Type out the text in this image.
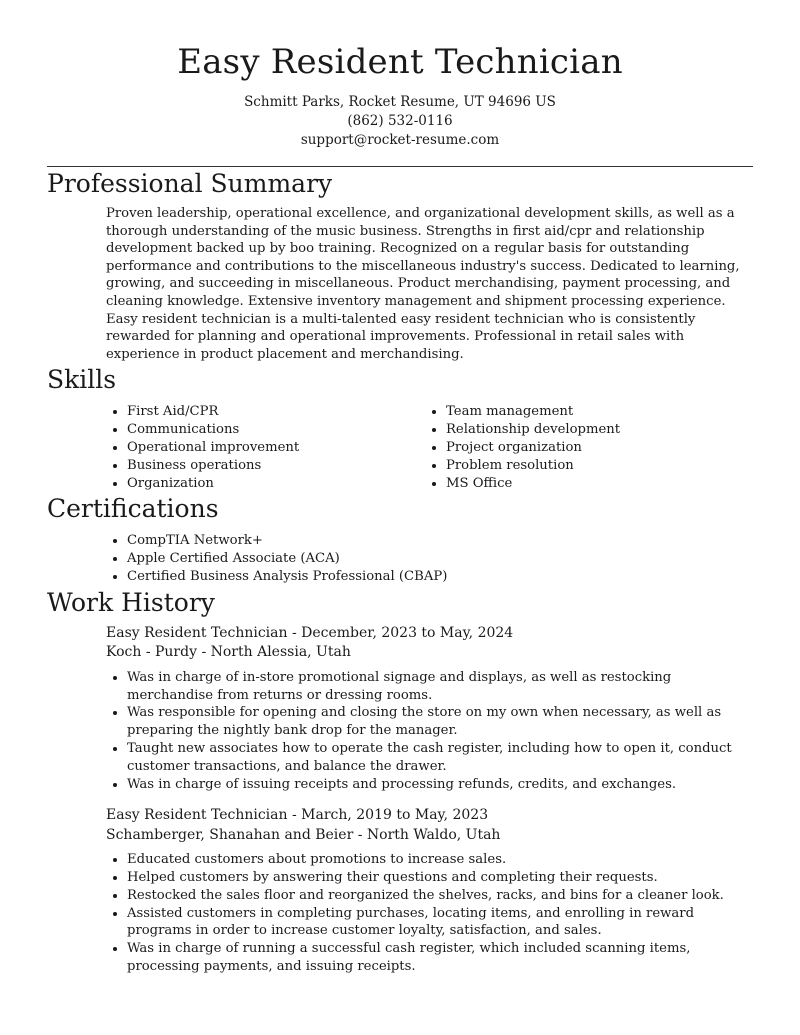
Easy Resident Technician
Schmitt Parks, Rocket Resume, UT 94696 US
(862) 532-0116
support@rocket-resume.com
Professional Summary

Proven leadership, operational excellence, and organizational development skills, as well as a thorough understanding of the music business. Strengths in first aid/cpr and relationship development backed up by boo training. Recognized on a regular basis for outstanding performance and contributions to the miscellaneous industry's success. Dedicated to learning, growing, and succeeding in miscellaneous. Product merchandising, payment processing, and cleaning knowledge. Extensive inventory management and shipment processing experience. Easy resident technician is a multi-talented easy resident technician who is consistently rewarded for planning and operational improvements. Professional in retail sales with experience in product placement and merchandising.

Skills
• First Aid/CPR
• Communications
• Operational improvement
• Business operations
• Organization
• Team management
• Relationship development
• Project organization
• Problem resolution
• MS Office
Certifications
• CompTIA Network+
• Apple Certified Associate (ACA)
• Certified Business Analysis Professional (CBAP)
Work History
Easy Resident Technician - December, 2023 to May, 2024
Koch - Purdy - North Alessia, Utah
• Was in charge of in-store promotional signage and displays, as well as restocking merchandise from returns or dressing rooms.
• Was responsible for opening and closing the store on my own when necessary, as well as preparing the nightly bank drop for the manager.
• Taught new associates how to operate the cash register, including how to open it, conduct customer transactions, and balance the drawer.
• Was in charge of issuing receipts and processing refunds, credits, and exchanges.
Easy Resident Technician - March, 2019 to May, 2023
Schamberger, Shanahan and Beier - North Waldo, Utah
• Educated customers about promotions to increase sales.
• Helped customers by answering their questions and completing their requests.
• Restocked the sales floor and reorganized the shelves, racks, and bins for a cleaner look.
• Assisted customers in completing purchases, locating items, and enrolling in reward programs in order to increase customer loyalty, satisfaction, and sales.
• Was in charge of running a successful cash register, which included scanning items, processing payments, and issuing receipts.
